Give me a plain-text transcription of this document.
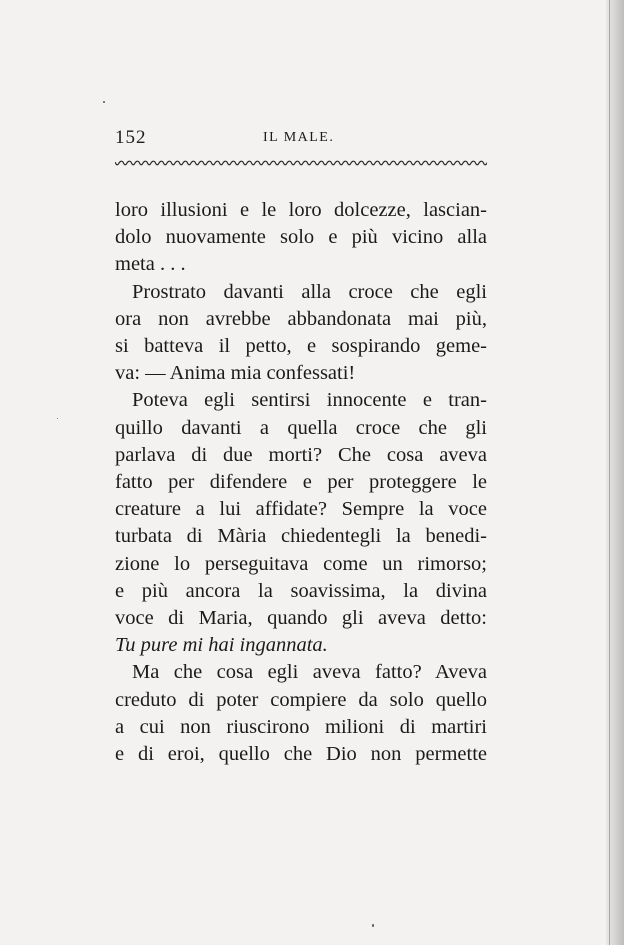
152	IL MALE.

loro illusioni e le loro dolcezze, lascian-

dolo nuovamente solo e più vicino alla

meta . . .

Prostrato davanti alla croce che egli

ora non avrebbe abbandonata mai più,

si batteva il petto, e sospirando geme-

va: — Anima mia confessati!

Poteva egli sentirsi innocente e tran-

quillo davanti a quella croce che gli

parlava di due morti? Che cosa aveva

fatto per difendere e per proteggere le

creature a lui affidate? Sempre la voce

turbata di Mària chiedentegli la benedi-

zione lo perseguitava come un rimorso;

e più ancora la soavissima, la divina

voce di Maria, quando gli aveva detto:

Tu pure mi hai ingannata.

Ma che cosa egli aveva fatto? Aveva

creduto di poter compiere da solo quello

a cui non riuscirono milioni di martiri

e di eroi, quello che Dio non permette
